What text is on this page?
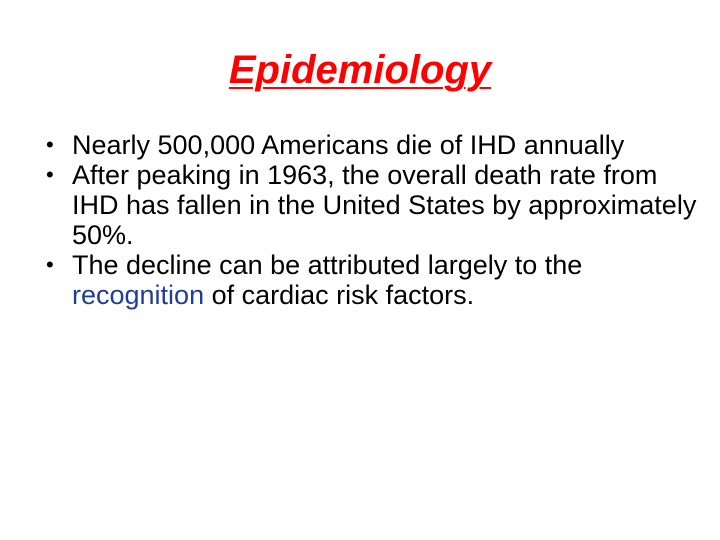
Epidemiology
• Nearly 500,000 Americans die of IHD annually
• After peaking in 1963, the overall death rate from IHD has fallen in the United States by approximately 50%.
• The decline can be attributed largely to the recognition of cardiac risk factors.
